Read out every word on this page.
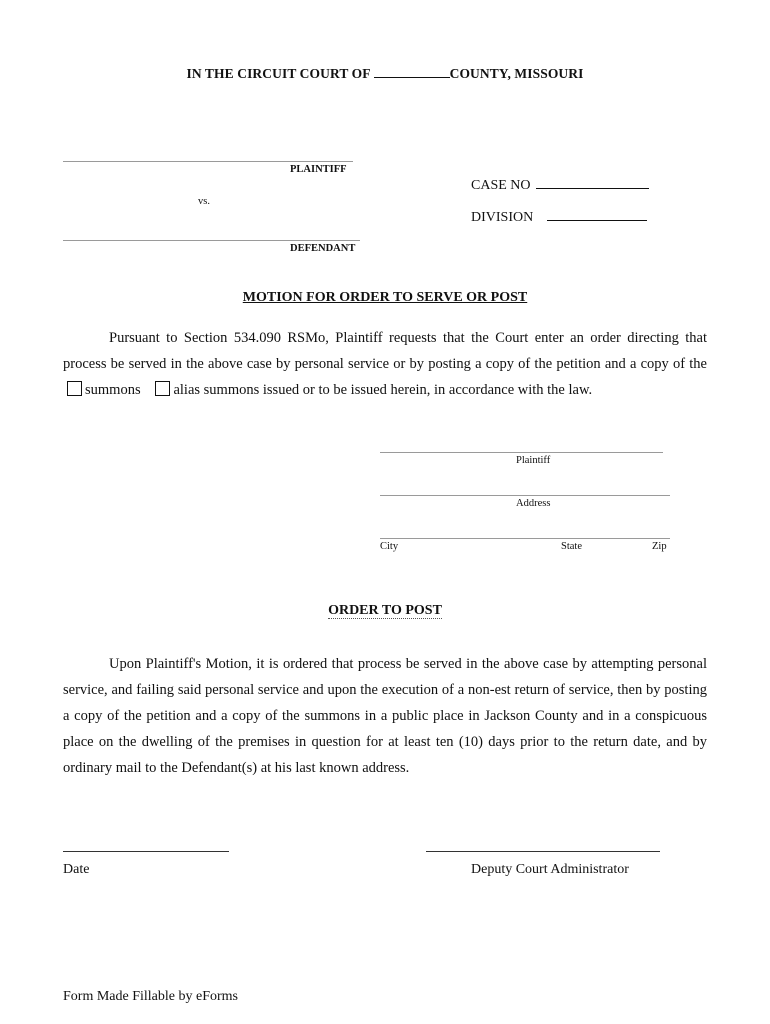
IN THE CIRCUIT COURT OF	COUNTY, MISSOURI
PLAINTIFF
vs.
DEFENDANT
CASE NO
DIVISION
MOTION FOR ORDER TO SERVE OR POST
Pursuant to Section 534.090 RSMo, Plaintiff requests that the Court enter an order directing that process be served in the above case by personal service or by posting a copy of the petition and a copy of thesummons alias summons issued or to be issued herein, in accordance with the law.
Plaintiff
Address
City	State	Zip
ORDER TO POST
Upon Plaintiff's Motion, it is ordered that process be served in the above case by attempting personal service, and failing said personal service and upon the execution of a non-est return of service, then by posting a copy of the petition and a copy of the summons in a public place in Jackson County and in a conspicuous place on the dwelling of the premises in question for at least ten (10) days prior to the return date, and by ordinary mail to the Defendant(s) at his last known address.
Date	Deputy Court Administrator
Form Made Fillable by eForms
